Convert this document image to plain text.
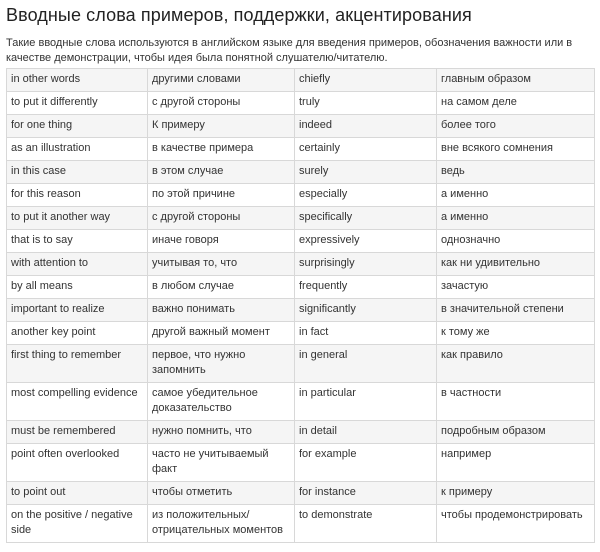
Вводные слова примеров, поддержки, акцентирования

Такие вводные слова используются в английском языке для введения примеров, обозначения важности или в качестве демонстрации, чтобы идея была понятной слушателю/читателю.

in other words	другими словами	chiefly	главным образом
to put it differently	с другой стороны	truly	на самом деле
for one thing	К примеру	indeed	более того
as an illustration	в качестве примера	certainly	вне всякого сомнения
in this case	в этом случае	surely	ведь
for this reason	по этой причине	especially	а именно
to put it another way	с другой стороны	specifically	а именно
that is to say	иначе говоря	expressively	однозначно
with attention to	учитывая то, что	surprisingly	как ни удивительно
by all means	в любом случае	frequently	зачастую
important to realize	важно понимать	significantly	в значительной степени
another key point	другой важный момент	in fact	к тому же
first thing to remember	первое, что нужно запомнить	in general	как правило
most compelling evidence	самое убедительное доказательство	in particular	в частности
must be remembered	нужно помнить, что	in detail	подробным образом
point often overlooked	часто не учитываемый факт	for example	например
to point out	чтобы отметить	for instance	к примеру
on the positive / negative side	из положительных/ отрицательных моментов	to demonstrate	чтобы продемонстрировать
